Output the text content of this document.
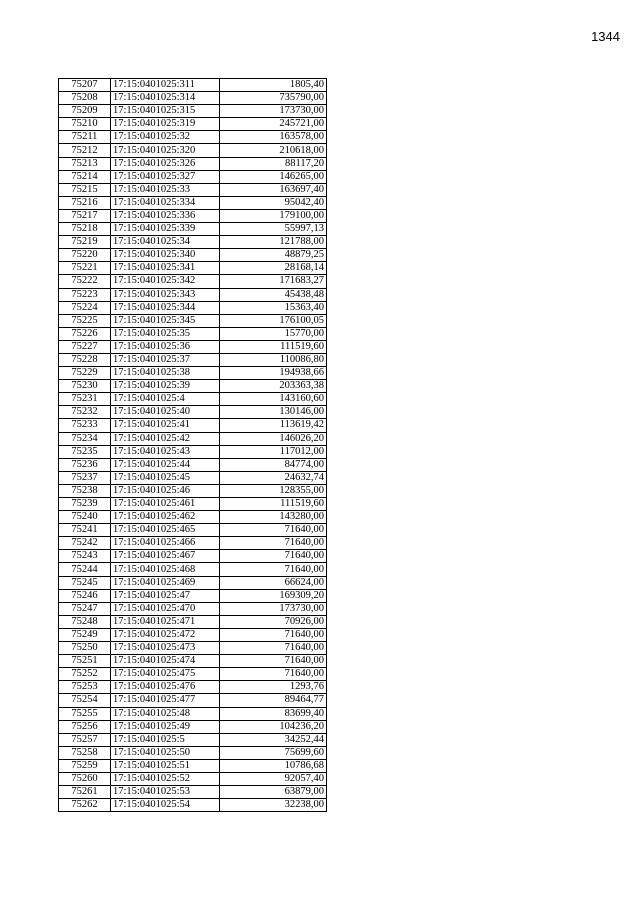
1344
75207	17:15:0401025:311	1805,40
75208	17:15:0401025:314	735790,00
75209	17:15:0401025:315	173730,00
75210	17:15:0401025:319	245721,00
75211	17:15:0401025:32	163578,00
75212	17:15:0401025:320	210618,00
75213	17:15:0401025:326	88117,20
75214	17:15:0401025:327	146265,00
75215	17:15:0401025:33	163697,40
75216	17:15:0401025:334	95042,40
75217	17:15:0401025:336	179100,00
75218	17:15:0401025:339	55997,13
75219	17:15:0401025:34	121788,00
75220	17:15:0401025:340	48879,25
75221	17:15:0401025:341	28168,14
75222	17:15:0401025:342	171683,27
75223	17:15:0401025:343	45438,48
75224	17:15:0401025:344	15363,40
75225	17:15:0401025:345	176100,05
75226	17:15:0401025:35	15770,00
75227	17:15:0401025:36	111519,60
75228	17:15:0401025:37	110086,80
75229	17:15:0401025:38	194938,66
75230	17:15:0401025:39	203363,38
75231	17:15:0401025:4	143160,60
75232	17:15:0401025:40	130146,00
75233	17:15:0401025:41	113619,42
75234	17:15:0401025:42	146026,20
75235	17:15:0401025:43	117012,00
75236	17:15:0401025:44	84774,00
75237	17:15:0401025:45	24632,74
75238	17:15:0401025:46	128355,00
75239	17:15:0401025:461	111519,60
75240	17:15:0401025:462	143280,00
75241	17:15:0401025:465	71640,00
75242	17:15:0401025:466	71640,00
75243	17:15:0401025:467	71640,00
75244	17:15:0401025:468	71640,00
75245	17:15:0401025:469	66624,00
75246	17:15:0401025:47	169309,20
75247	17:15:0401025:470	173730,00
75248	17:15:0401025:471	70926,00
75249	17:15:0401025:472	71640,00
75250	17:15:0401025:473	71640,00
75251	17:15:0401025:474	71640,00
75252	17:15:0401025:475	71640,00
75253	17:15:0401025:476	1293,76
75254	17:15:0401025:477	89464,77
75255	17:15:0401025:48	83699,40
75256	17:15:0401025:49	104236,20
75257	17:15:0401025:5	34252,44
75258	17:15:0401025:50	75699,60
75259	17:15:0401025:51	10786,68
75260	17:15:0401025:52	92057,40
75261	17:15:0401025:53	63879,00
75262	17:15:0401025:54	32238,00
